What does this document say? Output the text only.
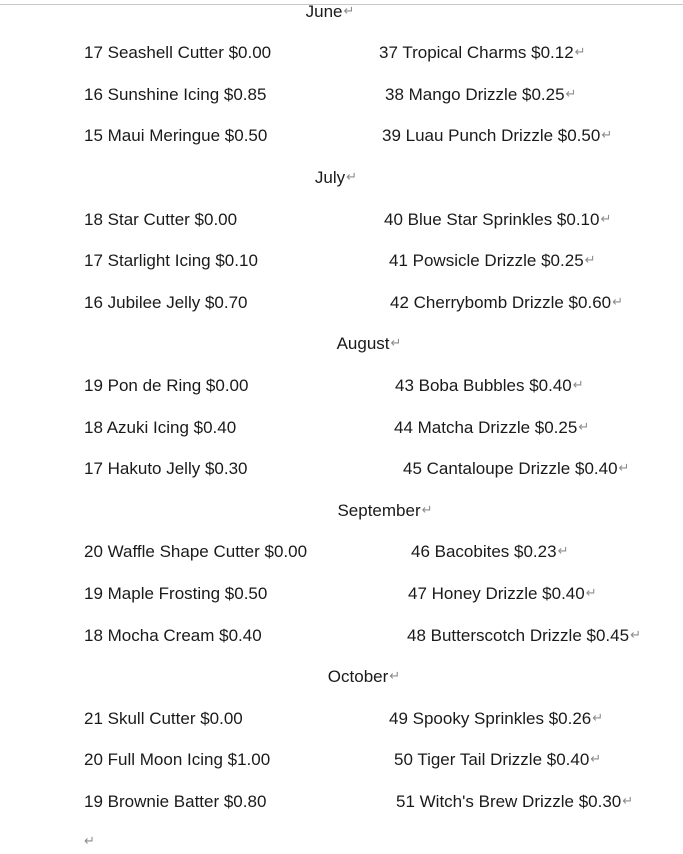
June↵
17 Seashell Cutter $0.00	37 Tropical Charms $0.12↵
16 Sunshine Icing $0.85	38 Mango Drizzle $0.25↵
15 Maui Meringue $0.50	39 Luau Punch Drizzle $0.50↵
July↵
18 Star Cutter $0.00	40 Blue Star Sprinkles $0.10↵
17 Starlight Icing $0.10	41 Powsicle Drizzle $0.25↵
16 Jubilee Jelly $0.70	42 Cherrybomb Drizzle $0.60↵
August↵
19 Pon de Ring $0.00	43 Boba Bubbles $0.40↵
18 Azuki Icing $0.40	44 Matcha Drizzle $0.25↵
17 Hakuto Jelly $0.30	45 Cantaloupe Drizzle $0.40↵
September↵
20 Waffle Shape Cutter $0.00	46 Bacobites $0.23↵
19 Maple Frosting $0.50	47 Honey Drizzle $0.40↵
18 Mocha Cream $0.40	48 Butterscotch Drizzle $0.45↵
October↵
21 Skull Cutter $0.00	49 Spooky Sprinkles $0.26↵
20 Full Moon Icing $1.00	50 Tiger Tail Drizzle $0.40↵
19 Brownie Batter $0.80	51 Witch's Brew Drizzle $0.30↵
↵
